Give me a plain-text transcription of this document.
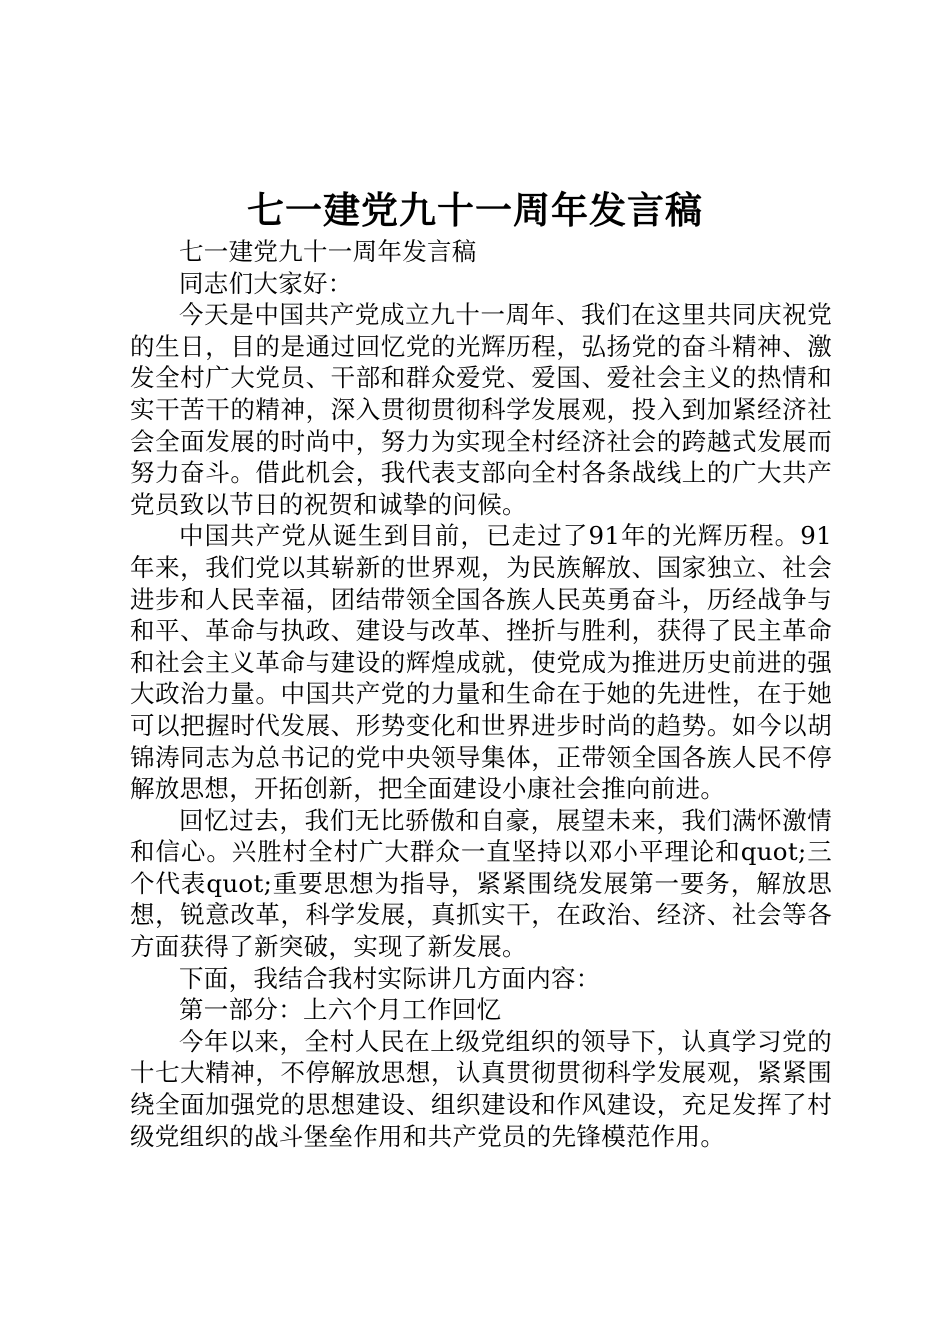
七一建党九十一周年发言稿

七一建党九十一周年发言稿

同志们大家好：

今天是中国共产党成立九十一周年、我们在这里共同庆祝党的生日，目的是通过回忆党的光辉历程，弘扬党的奋斗精神、激发全村广大党员、干部和群众爱党、爱国、爱社会主义的热情和实干苦干的精神，深入贯彻贯彻科学发展观，投入到加紧经济社会全面发展的时尚中，努力为实现全村经济社会的跨越式发展而努力奋斗。借此机会，我代表支部向全村各条战线上的广大共产党员致以节日的祝贺和诚挚的问候。

中国共产党从诞生到目前，已走过了91年的光辉历程。91年来，我们党以其崭新的世界观，为民族解放、国家独立、社会进步和人民幸福，团结带领全国各族人民英勇奋斗，历经战争与和平、革命与执政、建设与改革、挫折与胜利，获得了民主革命和社会主义革命与建设的辉煌成就，使党成为推进历史前进的强大政治力量。中国共产党的力量和生命在于她的先进性，在于她可以把握时代发展、形势变化和世界进步时尚的趋势。如今以胡锦涛同志为总书记的党中央领导集体，正带领全国各族人民不停解放思想，开拓创新，把全面建设小康社会推向前进。

回忆过去，我们无比骄傲和自豪，展望未来，我们满怀激情和信心。兴胜村全村广大群众一直坚持以邓小平理论和quot;三个代表quot;重要思想为指导，紧紧围绕发展第一要务，解放思想，锐意改革，科学发展，真抓实干，在政治、经济、社会等各方面获得了新突破，实现了新发展。

下面，我结合我村实际讲几方面内容：

第一部分：上六个月工作回忆

今年以来，全村人民在上级党组织的领导下，认真学习党的十七大精神，不停解放思想，认真贯彻贯彻科学发展观，紧紧围绕全面加强党的思想建设、组织建设和作风建设，充足发挥了村级党组织的战斗堡垒作用和共产党员的先锋模范作用。
